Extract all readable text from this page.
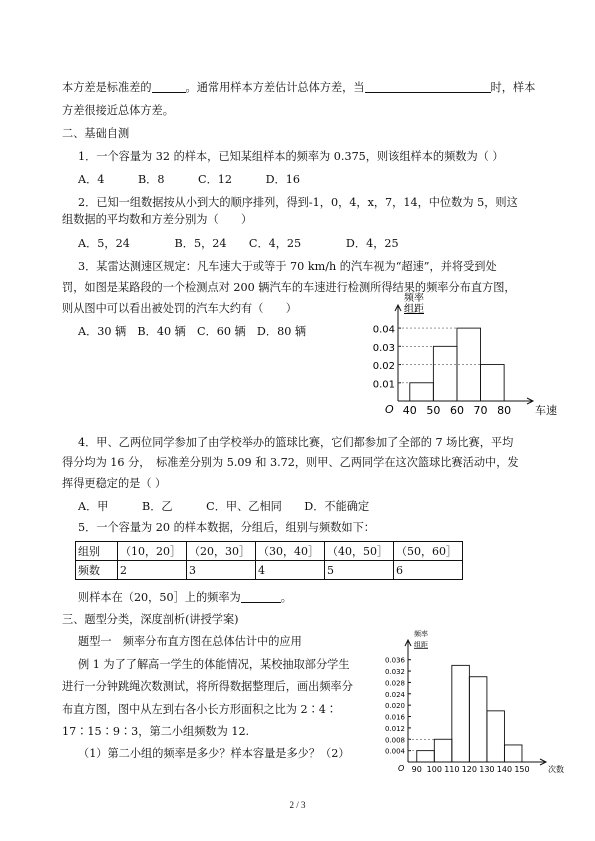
本方差是标准差的	。通常用样本方差估计总体方差，当	时，样本
方差很接近总体方差。
二、基础自测
1．一个容量为 32 的样本，已知某组样本的频率为 0.375，则该组样本的频数为（ ）
A．4　　　B．8　　　C．12　　　D．16
2．已知一组数据按从小到大的顺序排列，得到-1，0，4，x，7，14，中位数为 5，则这
组数据的平均数和方差分别为（　　）
A．5，24　　　　B．5，24　　C．4，25　　　　D．4，25
3．某雷达测速区规定：凡车速大于或等于 70 km/h 的汽车视为“超速”，并将受到处
罚，如图是某路段的一个检测点对 200 辆汽车的车速进行检测所得结果的频率分布直方图，
则从图中可以看出被处罚的汽车大约有（　　）
A．30 辆　B．40 辆　C．60 辆　D．80 辆
频率
组距
车速
O
0.01
0.02
0.03
0.04
40 50 60 70 80
4．甲、乙两位同学参加了由学校举办的篮球比赛，它们都参加了全部的 7 场比赛，平均
得分均为 16 分，　标准差分别为 5.09 和 3.72，则甲、乙两同学在这次篮球比赛活动中，发
挥得更稳定的是（ ）
A．甲　　　B．乙　　　C．甲、乙相同　　D．不能确定
5．一个容量为 20 的样本数据，分组后，组别与频数如下：
组别	（10，20］	（20，30］	（30，40］	（40，50］	（50，60］
频数	2	3	4	5	6
则样本在（20，50］上的频率为	。
三、题型分类，深度剖析(讲授学案)
题型一　频率分布直方图在总体估计中的应用
例 1 为了了解高一学生的体能情况，某校抽取部分学生
进行一分钟跳绳次数测试，将所得数据整理后，画出频率分
布直方图，图中从左到右各小长方形面积之比为 2∶4∶
17∶15∶9∶3，第二小组频数为 12.
（1）第二小组的频率是多少？样本容量是多少？（2）
频率
组距
次数
O
0.004
0.008
0.012
0.016
0.020
0.024
0.028
0.032
0.036
90 100 110 120 130 140 150
2 / 3
